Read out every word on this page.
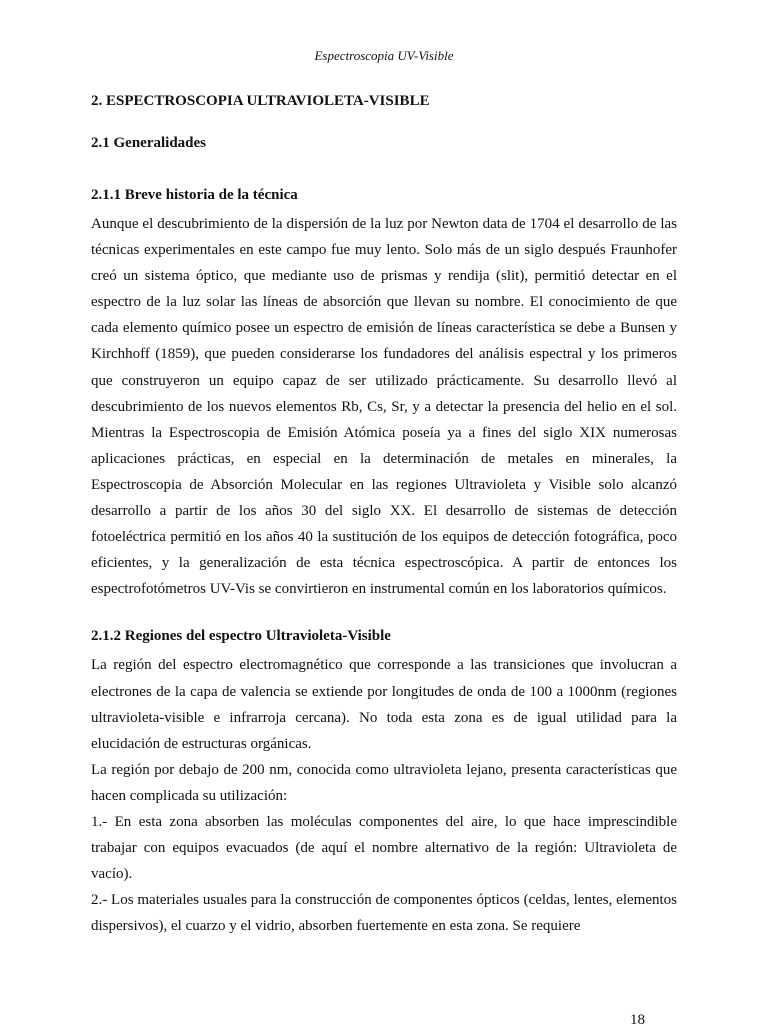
Espectroscopia UV-Visible

2. ESPECTROSCOPIA ULTRAVIOLETA-VISIBLE

2.1 Generalidades

2.1.1 Breve historia de la técnica

Aunque el descubrimiento de la dispersión de la luz por Newton data de 1704 el desarrollo de las técnicas experimentales en este campo fue muy lento. Solo más de un siglo después Fraunhofer creó un sistema óptico, que mediante uso de prismas y rendija (slit), permitió detectar en el espectro de la luz solar las líneas de absorción que llevan su nombre. El conocimiento de que cada elemento químico posee un espectro de emisión de líneas característica se debe a Bunsen y Kirchhoff (1859), que pueden considerarse los fundadores del análisis espectral y los primeros que construyeron un equipo capaz de ser utilizado prácticamente. Su desarrollo llevó al descubrimiento de los nuevos elementos Rb, Cs, Sr, y a detectar la presencia del helio en el sol. Mientras la Espectroscopia de Emisión Atómica poseía ya a fines del siglo XIX numerosas aplicaciones prácticas, en especial en la determinación de metales en minerales, la Espectroscopia de Absorción Molecular en las regiones Ultravioleta y Visible solo alcanzó desarrollo a partir de los años 30 del siglo XX. El desarrollo de sistemas de detección fotoeléctrica permitió en los años 40 la sustitución de los equipos de detección fotográfica, poco eficientes, y la generalización de esta técnica espectroscópica. A partir de entonces los espectrofotómetros UV-Vis se convirtieron en instrumental común en los laboratorios químicos.

2.1.2 Regiones del espectro Ultravioleta-Visible

La región del espectro electromagnético que corresponde a las transiciones que involucran a electrones de la capa de valencia se extiende por longitudes de onda de 100 a 1000nm (regiones ultravioleta-visible e infrarroja cercana). No toda esta zona es de igual utilidad para la elucidación de estructuras orgánicas.

La región por debajo de 200 nm, conocida como ultravioleta lejano, presenta características que hacen complicada su utilización:

1.- En esta zona absorben las moléculas componentes del aire, lo que hace imprescindible trabajar con equipos evacuados (de aquí el nombre alternativo de la región: Ultravioleta de vacío).

2.- Los materiales usuales para la construcción de componentes ópticos (celdas, lentes, elementos dispersivos), el cuarzo y el vidrio, absorben fuertemente en esta zona. Se requiere

18
